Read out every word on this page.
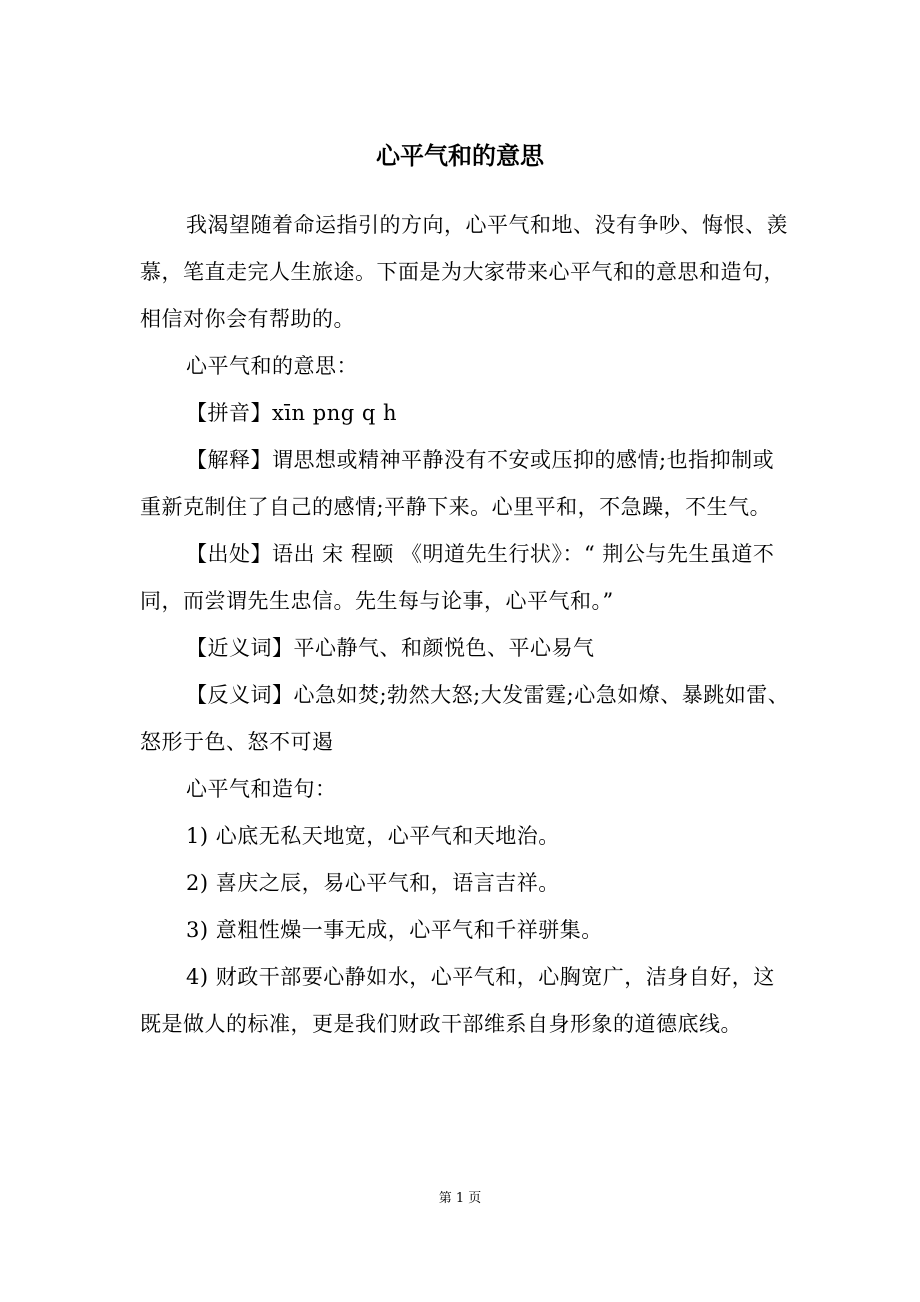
心平气和的意思

我渴望随着命运指引的方向，心平气和地、没有争吵、悔恨、羡慕，笔直走完人生旅途。下面是为大家带来心平气和的意思和造句，相信对你会有帮助的。

心平气和的意思：

【拼音】xīn png q h

【解释】谓思想或精神平静没有不安或压抑的感情;也指抑制或重新克制住了自己的感情;平静下来。心里平和，不急躁，不生气。

【出处】语出 宋 程颐 《明道先生行状》：“ 荆公与先生虽道不同，而尝谓先生忠信。先生每与论事，心平气和。”

【近义词】平心静气、和颜悦色、平心易气

【反义词】心急如焚;勃然大怒;大发雷霆;心急如燎、暴跳如雷、怒形于色、怒不可遏

心平气和造句：

1) 心底无私天地宽，心平气和天地治。

2) 喜庆之辰，易心平气和，语言吉祥。

3) 意粗性燥一事无成，心平气和千祥骈集。

4) 财政干部要心静如水，心平气和，心胸宽广，洁身自好，这既是做人的标准，更是我们财政干部维系自身形象的道德底线。

第 1 页
